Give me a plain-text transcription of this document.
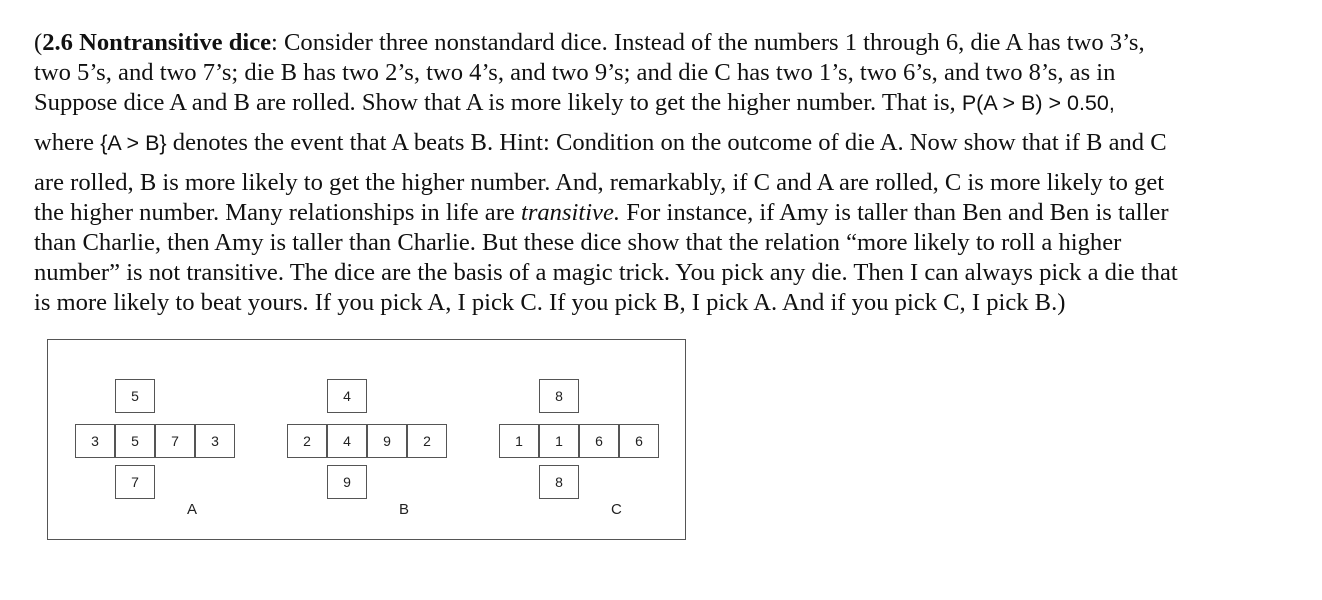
(2.6 Nontransitive dice: Consider three nonstandard dice. Instead of the numbers 1 through 6, die A has two 3’s,
two 5’s, and two 7’s; die B has two 2’s, two 4’s, and two 9’s; and die C has two 1’s, two 6’s, and two 8’s, as in
Suppose dice A and B are rolled. Show that A is more likely to get the higher number. That is, P(A > B) > 0.50,
where {A > B} denotes the event that A beats B. Hint: Condition on the outcome of die A. Now show that if B and C
are rolled, B is more likely to get the higher number. And, remarkably, if C and A are rolled, C is more likely to get
the higher number. Many relationships in life are transitive. For instance, if Amy is taller than Ben and Ben is taller
than Charlie, then Amy is taller than Charlie. But these dice show that the relation “more likely to roll a higher
number” is not transitive. The dice are the basis of a magic trick. You pick any die. Then I can always pick a die that
is more likely to beat yours. If you pick A, I pick C. If you pick B, I pick A. And if you pick C, I pick B.)
5
3	5	7	3
7
A
4
2	4	9	2
9
B
8
1	1	6	6
8
C
